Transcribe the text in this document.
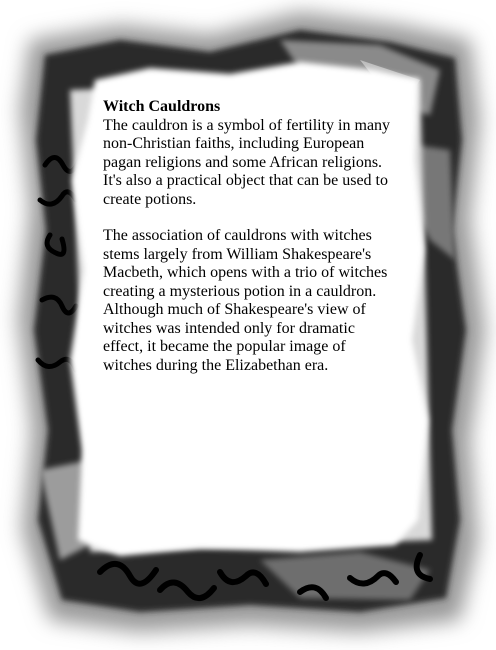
Witch Cauldrons

The cauldron is a symbol of fertility in many non-Christian faiths, including European pagan religions and some African religions. It's also a practical object that can be used to create potions.

The association of cauldrons with witches stems largely from William Shakespeare's Macbeth, which opens with a trio of witches creating a mysterious potion in a cauldron. Although much of Shakespeare's view of witches was intended only for dramatic effect, it became the popular image of witches during the Elizabethan era.
